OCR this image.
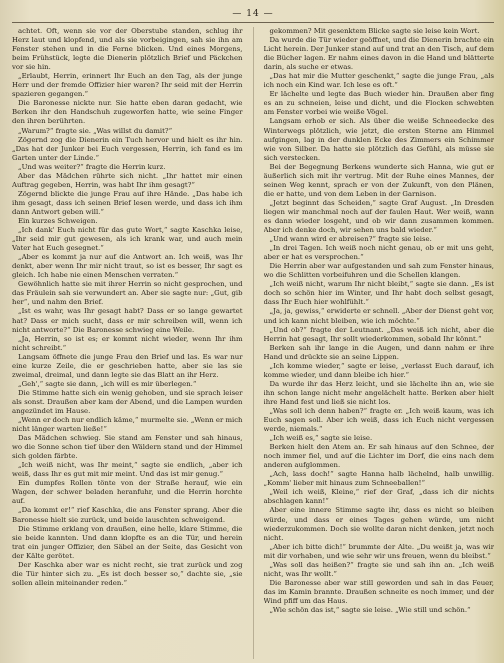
— 14 —

achtet. Oft, wenn sie vor der Oberstube standen, schlug ihr Herz laut und klopfend, und als sie vorbeigingen, sah sie ihn am Fenster stehen und in die Ferne blicken. Und eines Morgens, beim Frühstück, legte die Dienerin plötzlich Brief und Päckchen vor sie hin.

„Erlaubt, Herrin, erinnert Ihr Euch an den Tag, als der junge Herr und der fremde Offizier hier waren? Ihr seid mit der Herrin spazieren gegangen.“

Die Baronesse nickte nur. Sie hatte eben daran gedacht, wie Berken ihr den Handschuh zugeworfen hatte, wie seine Finger den ihren berührten.

„Warum?“ fragte sie. „Was willst du damit?“

Zögernd zog die Dienerin ein Tuch hervor und hielt es ihr hin. „Das hat der Junker bei Euch vergessen, Herrin, ich fand es im Garten unter der Linde.“

„Und was weiter?“ fragte die Herrin kurz.

Aber das Mädchen rührte sich nicht. „Ihr hattet mir einen Auftrag gegeben, Herrin, was habt Ihr ihm gesagt?“

Zögernd blickte die junge Frau auf ihre Hände. „Das habe ich ihm gesagt, dass ich seinen Brief lesen werde, und dass ich ihm dann Antwort geben will.“

Ein kurzes Schweigen.

„Ich dank' Euch nicht für das gute Wort,“ sagte Kaschka leise, „Ihr seid mir gut gewesen, als ich krank war, und auch mein Vater hat Euch gesegnet.“

„Aber es kommt ja nur auf die Antwort an. Ich weiß, was Ihr denkt, aber wenn Ihr mir nicht traut, so ist es besser, Ihr sagt es gleich. Ich habe nie einen Menschen verraten.“

Gewöhnlich hatte sie mit ihrer Herrin so nicht gesprochen, und das Fräulein sah sie verwundert an. Aber sie sagte nur: „Gut, gib her“, und nahm den Brief.

„Ist es wahr, was Ihr gesagt habt? Dass er so lange gewartet hat? Dass er mich sucht, dass er mir schreiben will, wenn ich nicht antworte?“ Die Baronesse schwieg eine Weile.

„Ja, Herrin, so ist es; er kommt nicht wieder, wenn Ihr ihm nicht schreibt.“

Langsam öffnete die junge Frau den Brief und las. Es war nur eine kurze Zeile, die er geschrieben hatte, aber sie las sie zweimal, dreimal, und dann legte sie das Blatt an ihr Herz.

„Geh',“ sagte sie dann, „ich will es mir überlegen.“

Die Stimme hatte sich ein wenig gehoben, und sie sprach leiser als sonst. Draußen aber kam der Abend, und die Lampen wurden angezündet im Hause.

„Wenn er doch nur endlich käme,“ murmelte sie. „Wenn er mich nicht länger warten ließe!“

Das Mädchen schwieg. Sie stand am Fenster und sah hinaus, wo die Sonne schon tief über den Wäldern stand und der Himmel sich golden färbte.

„Ich weiß nicht, was Ihr meint,“ sagte sie endlich, „aber ich weiß, dass Ihr es gut mit mir meint. Und das ist mir genug.“

Ein dumpfes Rollen tönte von der Straße herauf, wie ein Wagen, der schwer beladen heranfuhr, und die Herrin horchte auf.

„Da kommt er!“ rief Kaschka, die ans Fenster sprang. Aber die Baronesse hielt sie zurück, und beide lauschten schweigend.

Die Stimme erklang von draußen, eine helle, klare Stimme, die sie beide kannten. Und dann klopfte es an die Tür, und herein trat ein junger Offizier, den Säbel an der Seite, das Gesicht von der Kälte gerötet.

Der Kaschka aber war es nicht recht, sie trat zurück und zog die Tür hinter sich zu. „Es ist doch besser so,“ dachte sie, „sie sollen allein miteinander reden.“

gekommen? Mit gesenktem Blicke sagte sie leise kein Wort.

Da wurde die Tür wieder geöffnet, und die Dienerin brachte ein Licht herein. Der Junker stand auf und trat an den Tisch, auf dem die Bücher lagen. Er nahm eines davon in die Hand und blätterte darin, als suche er etwas.

„Das hat mir die Mutter geschenkt,“ sagte die junge Frau, „als ich noch ein Kind war. Ich lese es oft.“

Er lächelte und legte das Buch wieder hin. Draußen aber fing es an zu schneien, leise und dicht, und die Flocken schwebten am Fenster vorbei wie weiße Vögel.

Langsam erhob er sich. Als über die weiße Schneedecke des Winterwegs plötzlich, wie jetzt, die ersten Sterne am Himmel aufgingen, lag in der dunklen Ecke des Zimmers ein Schimmer wie von Silber. Da hatte sie plötzlich das Gefühl, als müsse sie sich verstecken.

Bei der Begegnung Berkens wunderte sich Hanna, wie gut er äußerlich sich mit ihr vertrug. Mit der Ruhe eines Mannes, der seinen Weg kennt, sprach er von der Zukunft, von den Plänen, die er hatte, und von dem Leben in der Garnison.

„Jetzt beginnt das Scheiden,“ sagte Graf August. „In Dresden liegen wir manchmal noch auf der faulen Haut. Wer weiß, wann es dann wieder losgeht, und ob wir dann zusammen kommen. Aber ich denke doch, wir sehen uns bald wieder.“

„Und wann wird er abreisen?“ fragte sie leise.

„In drei Tagen. Ich weiß noch nicht genau, ob er mit uns geht, aber er hat es versprochen.“

Die Herrin aber war aufgestanden und sah zum Fenster hinaus, wo die Schlitten vorbeifuhren und die Schellen klangen.

„Ich weiß nicht, warum Ihr nicht bleibt,“ sagte sie dann. „Es ist doch so schön hier im Winter, und Ihr habt doch selbst gesagt, dass Ihr Euch hier wohlfühlt.“

„Ja, ja, gewiss,“ erwiderte er schnell. „Aber der Dienst geht vor, und ich kann nicht bleiben, wie ich möchte.“

„Und ob?“ fragte der Leutnant. „Das weiß ich nicht, aber die Herrin hat gesagt, Ihr sollt wiederkommen, sobald Ihr könnt.“

Berken sah ihr lange in die Augen, und dann nahm er ihre Hand und drückte sie an seine Lippen.

„Ich komme wieder,“ sagte er leise, „verlasst Euch darauf, ich komme wieder, und dann bleibe ich hier.“

Da wurde ihr das Herz leicht, und sie lächelte ihn an, wie sie ihn schon lange nicht mehr angelächelt hatte. Berken aber hielt ihre Hand fest und ließ sie nicht los.

„Was soll ich denn haben?“ fragte er. „Ich weiß kaum, was ich Euch sagen soll. Aber ich weiß, dass ich Euch nicht vergessen werde, niemals.“

„Ich weiß es,“ sagte sie leise.

Berken hielt den Atem an. Er sah hinaus auf den Schnee, der noch immer fiel, und auf die Lichter im Dorf, die eins nach dem anderen aufglommen.

„Ach, lass doch!“ sagte Hanna halb lächelnd, halb unwillig. „Komm' lieber mit hinaus zum Schneeballen!“

„Weil ich weiß, Kleine,“ rief der Graf, „dass ich dir nichts abschlagen kann!“

Aber eine innere Stimme sagte ihr, dass es nicht so bleiben würde, und dass er eines Tages gehen würde, um nicht wiederzukommen. Doch sie wollte daran nicht denken, jetzt noch nicht.

„Aber ich bitte dich!“ brummte der Alte. „Du weißt ja, was wir mit dir vorhaben, und wie sehr wir uns freuen, wenn du bleibst.“

„Was soll das heißen?“ fragte sie und sah ihn an. „Ich weiß nicht, was Ihr wollt.“

Die Baronesse aber war still geworden und sah in das Feuer, das im Kamin brannte. Draußen schneite es noch immer, und der Wind pfiff um das Haus.

„Wie schön das ist,“ sagte sie leise. „Wie still und schön.“
